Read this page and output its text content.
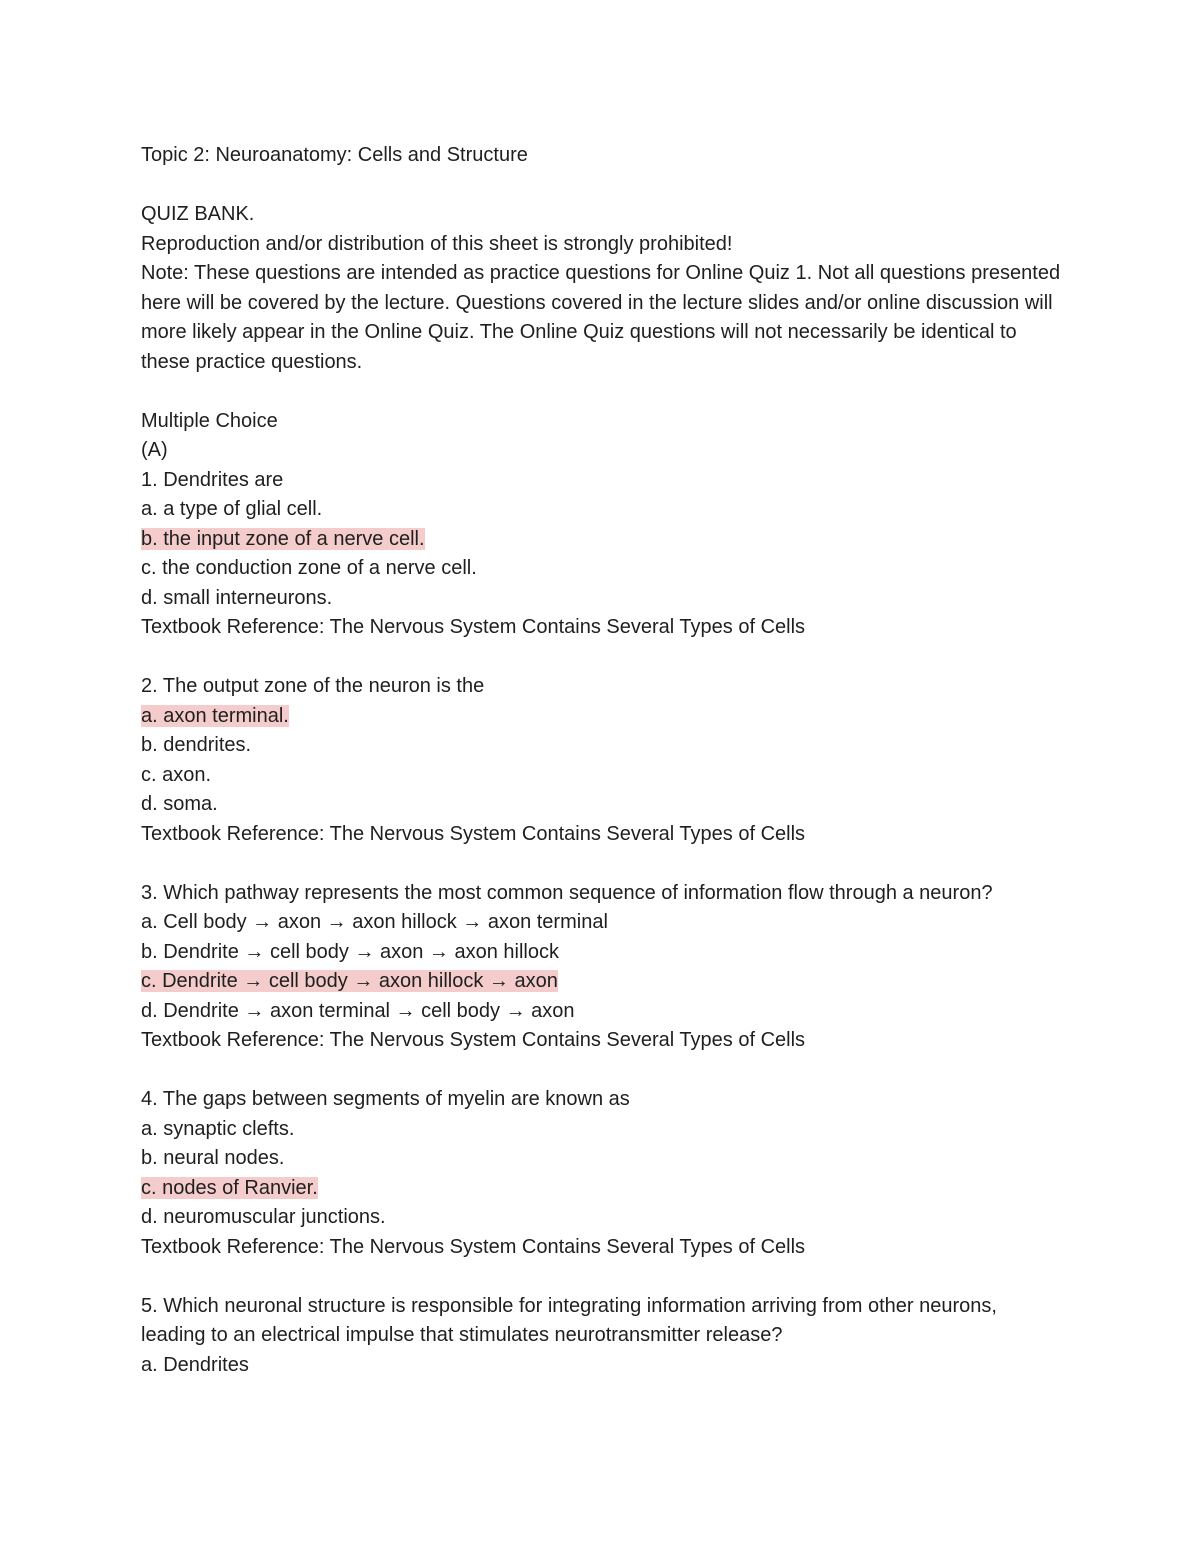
Topic 2: Neuroanatomy: Cells and Structure
QUIZ BANK.
Reproduction and/or distribution of this sheet is strongly prohibited!
Note: These questions are intended as practice questions for Online Quiz 1. Not all questions presented here will be covered by the lecture. Questions covered in the lecture slides and/or online discussion will more likely appear in the Online Quiz. The Online Quiz questions will not necessarily be identical to these practice questions.
Multiple Choice
(A)
1. Dendrites are
a. a type of glial cell.
b. the input zone of a nerve cell.
c. the conduction zone of a nerve cell.
d. small interneurons.
Textbook Reference: The Nervous System Contains Several Types of Cells
2. The output zone of the neuron is the
a. axon terminal.
b. dendrites.
c. axon.
d. soma.
Textbook Reference: The Nervous System Contains Several Types of Cells
3. Which pathway represents the most common sequence of information flow through a neuron?
a. Cell body → axon → axon hillock → axon terminal
b. Dendrite → cell body → axon → axon hillock
c. Dendrite → cell body → axon hillock → axon
d. Dendrite → axon terminal → cell body → axon
Textbook Reference: The Nervous System Contains Several Types of Cells
4. The gaps between segments of myelin are known as
a. synaptic clefts.
b. neural nodes.
c. nodes of Ranvier.
d. neuromuscular junctions.
Textbook Reference: The Nervous System Contains Several Types of Cells
5. Which neuronal structure is responsible for integrating information arriving from other neurons, leading to an electrical impulse that stimulates neurotransmitter release?
a. Dendrites
